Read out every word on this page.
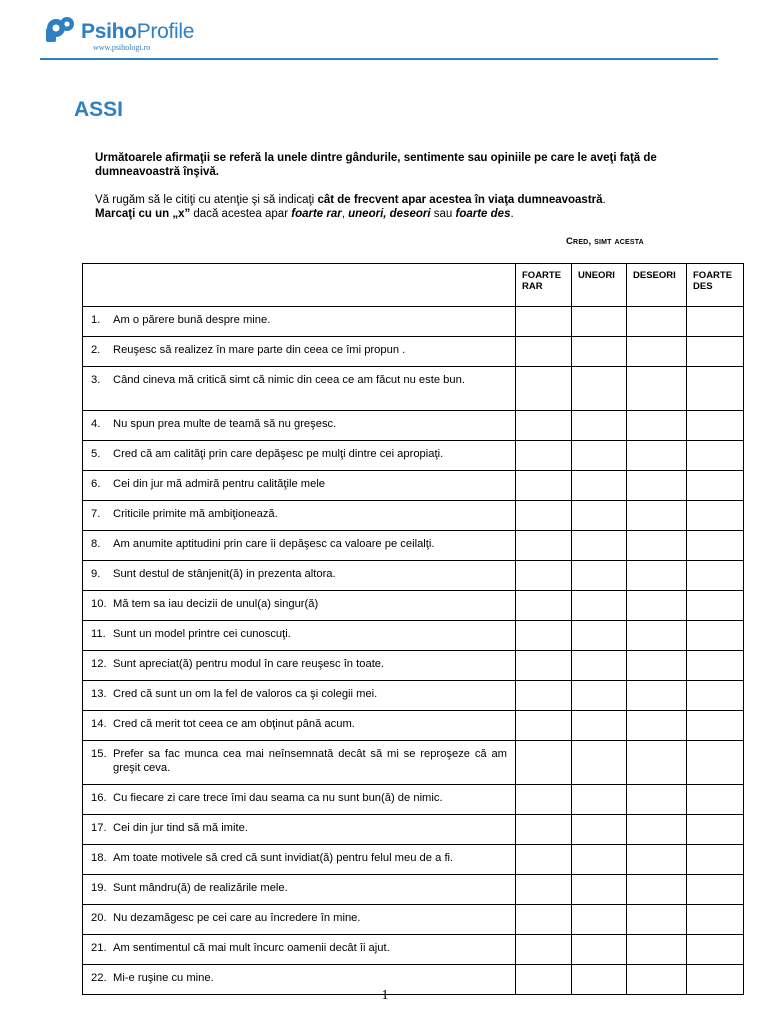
PsihoProfile
www.psihologi.ro
ASSI

Următoarele afirmaţii se referă la unele dintre gândurile, sentimente sau opiniile pe care le aveţi faţă de dumneavoastră înşivă.

Vă rugăm să le citiţi cu atenţie şi să indicaţi cât de frecvent apar acestea în viaţa dumneavoastră.

Marcaţi cu un „x” dacă acestea apar foarte rar, uneori, deseori sau foarte des.

Cred, simt acesta
	FOARTE RAR	UNEORI	DESEORI	FOARTE DES

1. Am o părere bună despre mine.				

2. Reuşesc să realizez în mare parte din ceea ce îmi propun .				

3. Când cineva mă critică simt că nimic din ceea ce am făcut nu este bun.				

4. Nu spun prea multe de teamă să nu greşesc.				

5. Cred că am calităţi prin care depăşesc pe mulţi dintre cei apropiaţi.				

6. Cei din jur mă admiră pentru calităţile mele				

7. Criticile primite mă ambiţionează.				

8. Am anumite aptitudini prin care îi depăşesc ca valoare pe ceilalţi.				

9. Sunt destul de stânjenit(ă) in prezenta altora.				

10. Mă tem sa iau decizii de unul(a) singur(ă)				

11. Sunt un model printre cei cunoscuţi.				

12. Sunt apreciat(ă) pentru modul în care reuşesc în toate.				

13. Cred că sunt un om la fel de valoros ca şi colegii mei.				

14. Cred că merit tot ceea ce am obţinut până acum.				

15. Prefer sa fac munca cea mai neînsemnată decât să mi se reproşeze că am greşit ceva.				

16. Cu fiecare zi care trece îmi dau seama ca nu sunt bun(ă) de nimic.				

17. Cei din jur tind să mă imite.				

18. Am toate motivele să cred că sunt invidiat(ă) pentru felul meu de a fi.				

19. Sunt mândru(ă) de realizările mele.				

20. Nu dezamăgesc pe cei care au încredere în mine.				

21. Am sentimentul că mai mult încurc oamenii decât îi ajut.				

22. Mi-e ruşine cu mine.				

1
